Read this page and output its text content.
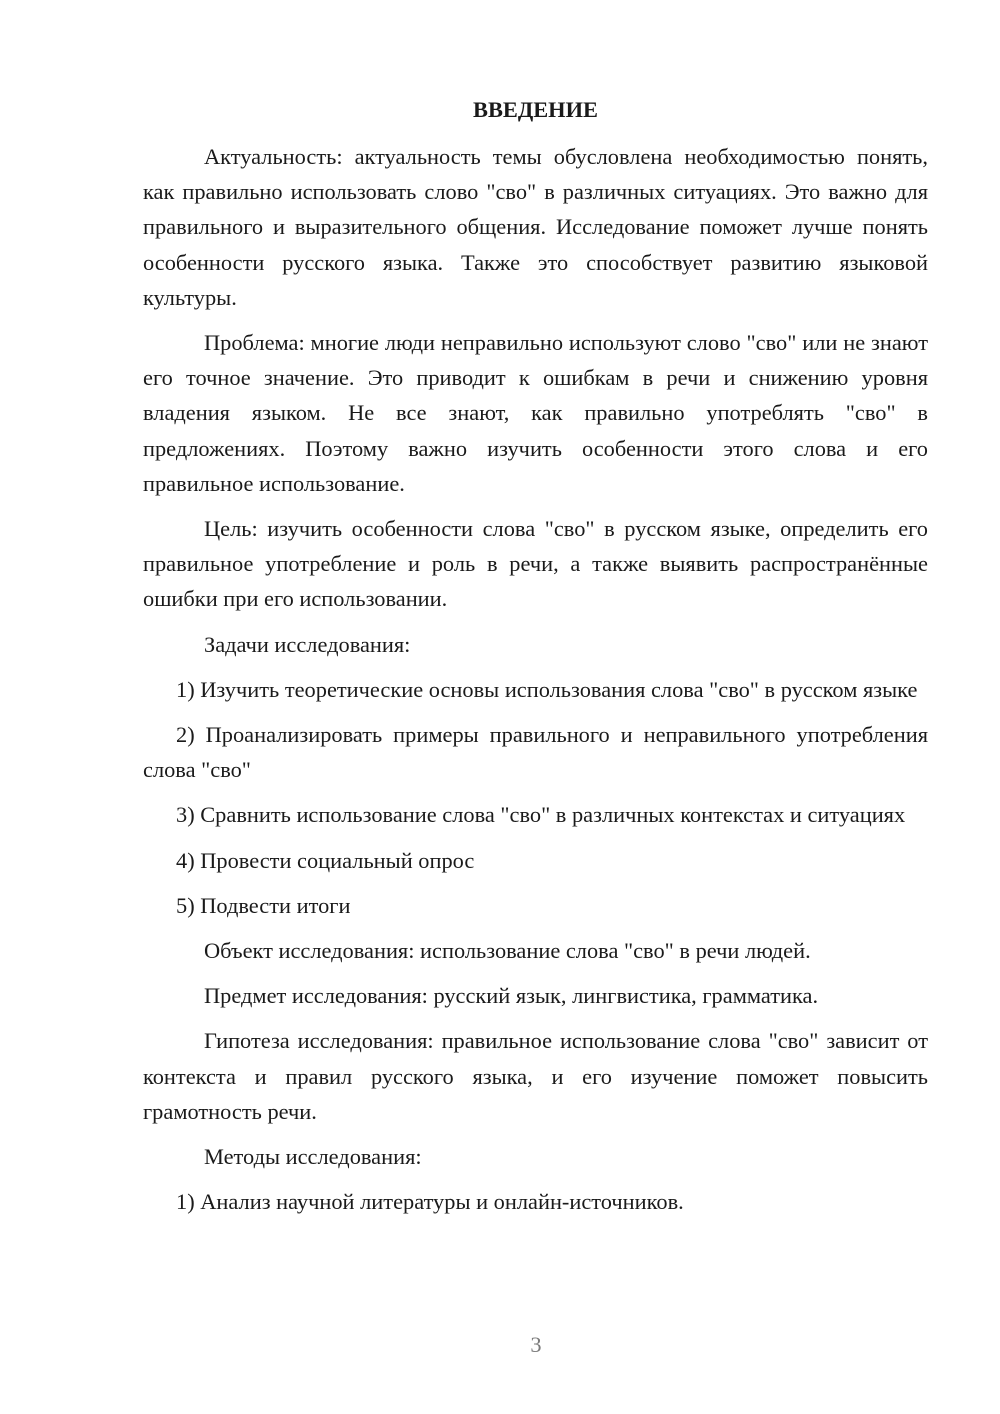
ВВЕДЕНИЕ

Актуальность: актуальность темы обусловлена необходимостью понять, как правильно использовать слово "сво" в различных ситуациях. Это важно для правильного и выразительного общения. Исследование поможет лучше понять особенности русского языка. Также это способствует развитию языковой культуры.

Проблема: многие люди неправильно используют слово "сво" или не знают его точное значение. Это приводит к ошибкам в речи и снижению уровня владения языком. Не все знают, как правильно употреблять "сво" в предложениях. Поэтому важно изучить особенности этого слова и его правильное использование.

Цель: изучить особенности слова "сво" в русском языке, определить его правильное употребление и роль в речи, а также выявить распространённые ошибки при его использовании.

Задачи исследования:

1) Изучить теоретические основы использования слова "сво" в русском языке

2) Проанализировать примеры правильного и неправильного употребления слова "сво"

3) Сравнить использование слова "сво" в различных контекстах и ситуациях

4) Провести социальный опрос

5) Подвести итоги

Объект исследования: использование слова "сво" в речи людей.

Предмет исследования: русский язык, лингвистика, грамматика.

Гипотеза исследования: правильное использование слова "сво" зависит от контекста и правил русского языка, и его изучение поможет повысить грамотность речи.

Методы исследования:

1) Анализ научной литературы и онлайн-источников.

3
